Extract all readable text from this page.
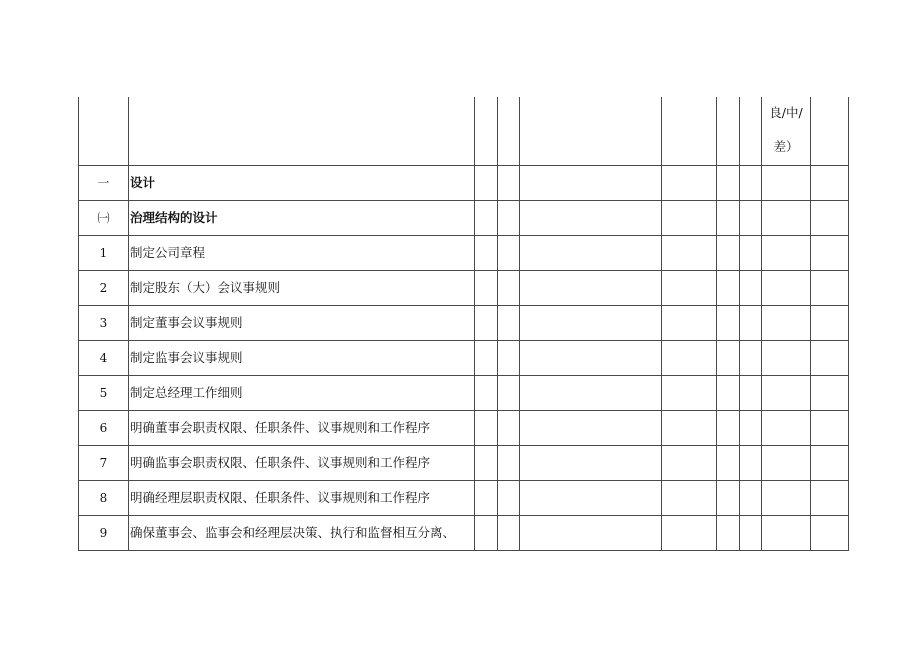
								良/中/
差）	

一	设计								
㈠	治理结构的设计								
1	制定公司章程								
2	制定股东（大）会议事规则								
3	制定董事会议事规则								
4	制定监事会议事规则								
5	制定总经理工作细则								
6	明确董事会职责权限、任职条件、议事规则和工作程序								
7	明确监事会职责权限、任职条件、议事规则和工作程序								
8	明确经理层职责权限、任职条件、议事规则和工作程序								
9	确保董事会、监事会和经理层决策、执行和监督相互分离、								
